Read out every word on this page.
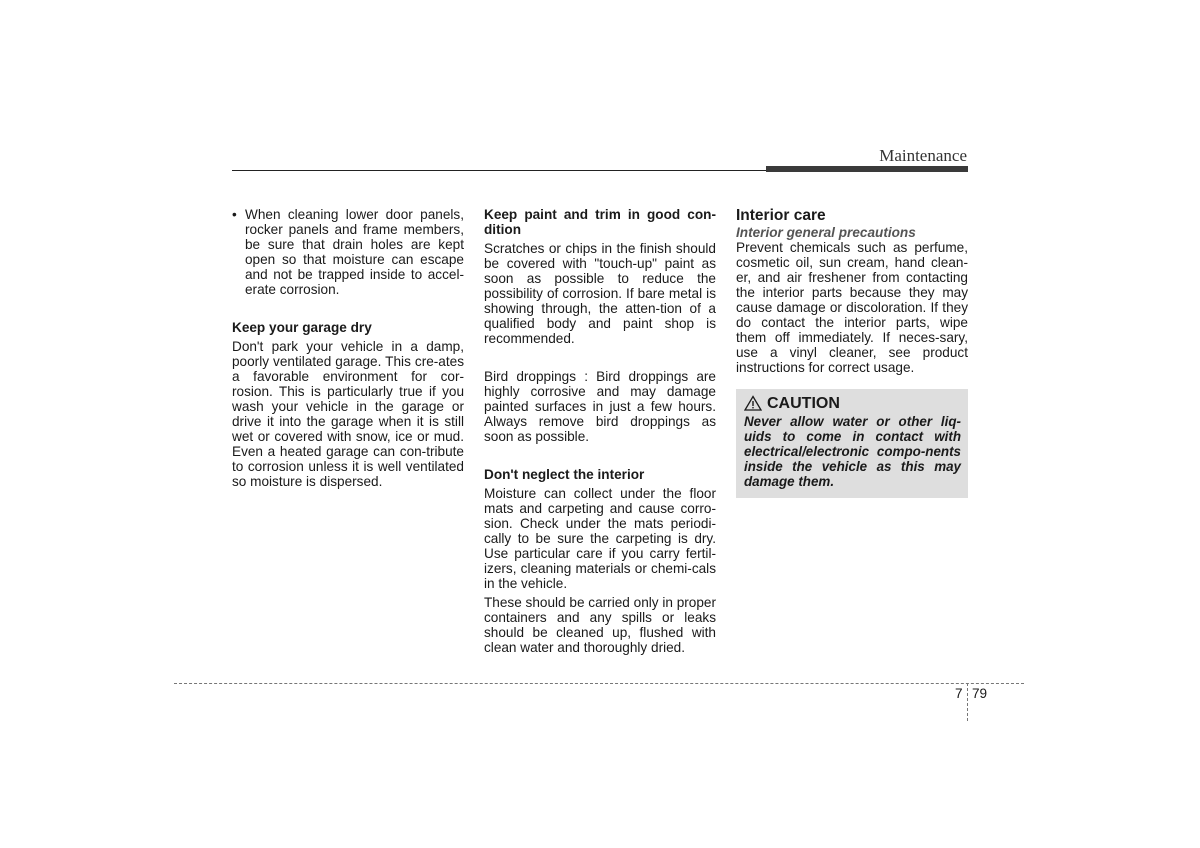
Maintenance
• When cleaning lower door panels, rocker panels and frame members, be sure that drain holes are kept open so that moisture can escape and not be trapped inside to accel-erate corrosion.

Keep your garage dry

Don't park your vehicle in a damp, poorly ventilated garage. This cre-ates a favorable environment for cor-rosion. This is particularly true if you wash your vehicle in the garage or drive it into the garage when it is still wet or covered with snow, ice or mud. Even a heated garage can con-tribute to corrosion unless it is well ventilated so moisture is dispersed.

Keep paint and trim in good con-dition

Scratches or chips in the finish should be covered with "touch-up" paint as soon as possible to reduce the possibility of corrosion. If bare metal is showing through, the atten-tion of a qualified body and paint shop is recommended.

Bird droppings : Bird droppings are highly corrosive and may damage painted surfaces in just a few hours. Always remove bird droppings as soon as possible.

Don't neglect the interior

Moisture can collect under the floor mats and carpeting and cause corro-sion. Check under the mats periodi-cally to be sure the carpeting is dry. Use particular care if you carry fertil-izers, cleaning materials or chemi-cals in the vehicle.

These should be carried only in proper containers and any spills or leaks should be cleaned up, flushed with clean water and thoroughly dried.

Interior care

Interior general precautions

Prevent chemicals such as perfume, cosmetic oil, sun cream, hand clean-er, and air freshener from contacting the interior parts because they may cause damage or discoloration. If they do contact the interior parts, wipe them off immediately. If neces-sary, use a vinyl cleaner, see product instructions for correct usage.

CAUTION
Never allow water or other liq-uids to come in contact with electrical/electronic compo-nents inside the vehicle as this may damage them.
7 79
